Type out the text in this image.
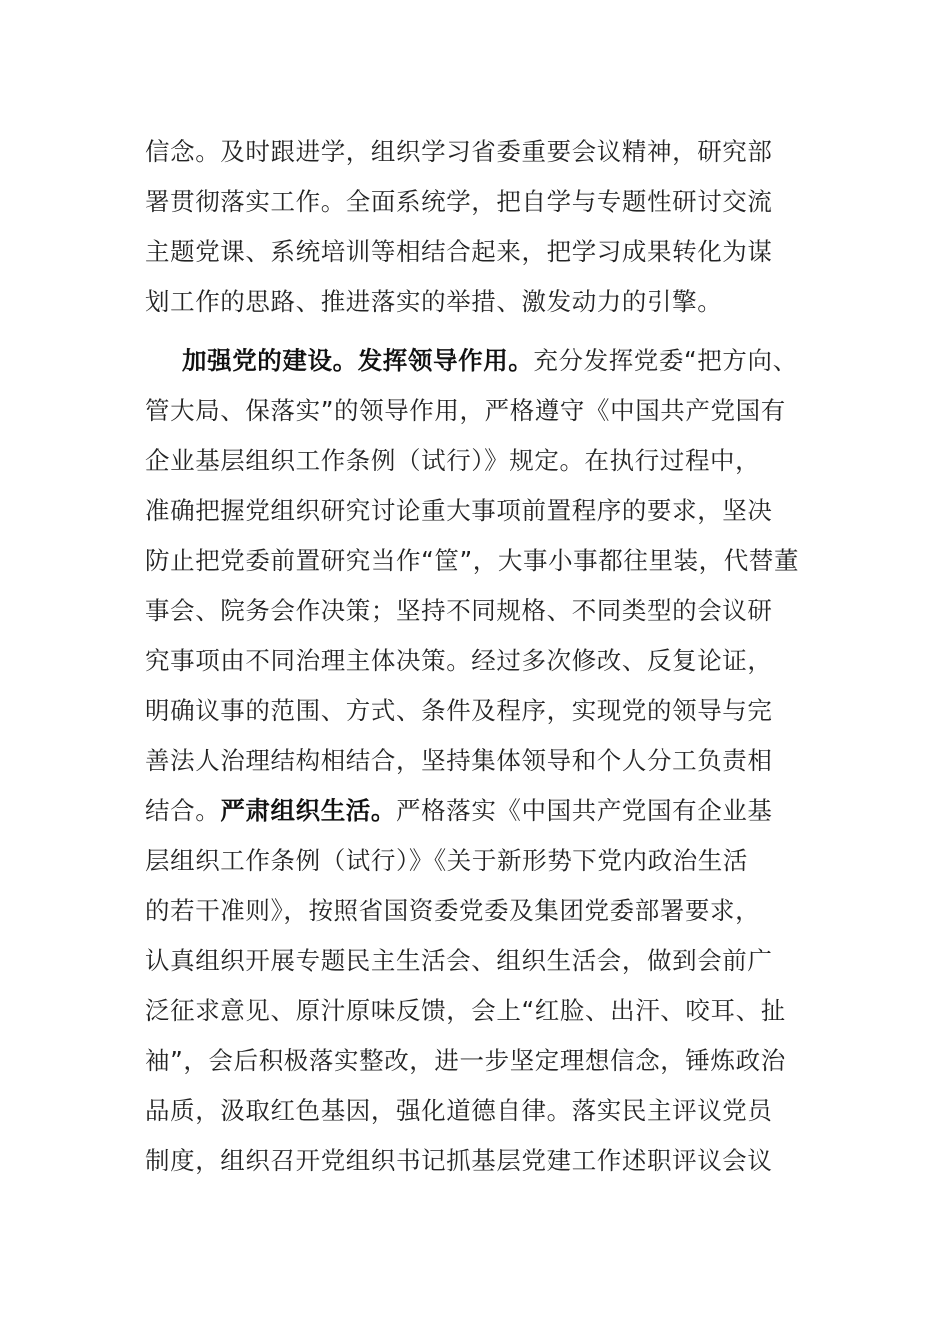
信念。及时跟进学，组织学习省委重要会议精神，研究部
署贯彻落实工作。全面系统学，把自学与专题性研讨交流
主题党课、系统培训等相结合起来，把学习成果转化为谋
划工作的思路、推进落实的举措、激发动力的引擎。
加强党的建设。发挥领导作用。充分发挥党委“把方向、
管大局、保落实”的领导作用，严格遵守《中国共产党国有
企业基层组织工作条例（试行）》规定。在执行过程中，
准确把握党组织研究讨论重大事项前置程序的要求，坚决
防止把党委前置研究当作“筐”，大事小事都往里装，代替董
事会、院务会作决策；坚持不同规格、不同类型的会议研
究事项由不同治理主体决策。经过多次修改、反复论证，
明确议事的范围、方式、条件及程序，实现党的领导与完
善法人治理结构相结合，坚持集体领导和个人分工负责相
结合。严肃组织生活。严格落实《中国共产党国有企业基
层组织工作条例（试行）》《关于新形势下党内政治生活
的若干准则》，按照省国资委党委及集团党委部署要求，
认真组织开展专题民主生活会、组织生活会，做到会前广
泛征求意见、原汁原味反馈，会上“红脸、出汗、咬耳、扯
袖”，会后积极落实整改，进一步坚定理想信念，锤炼政治
品质，汲取红色基因，强化道德自律。落实民主评议党员
制度，组织召开党组织书记抓基层党建工作述职评议会议
